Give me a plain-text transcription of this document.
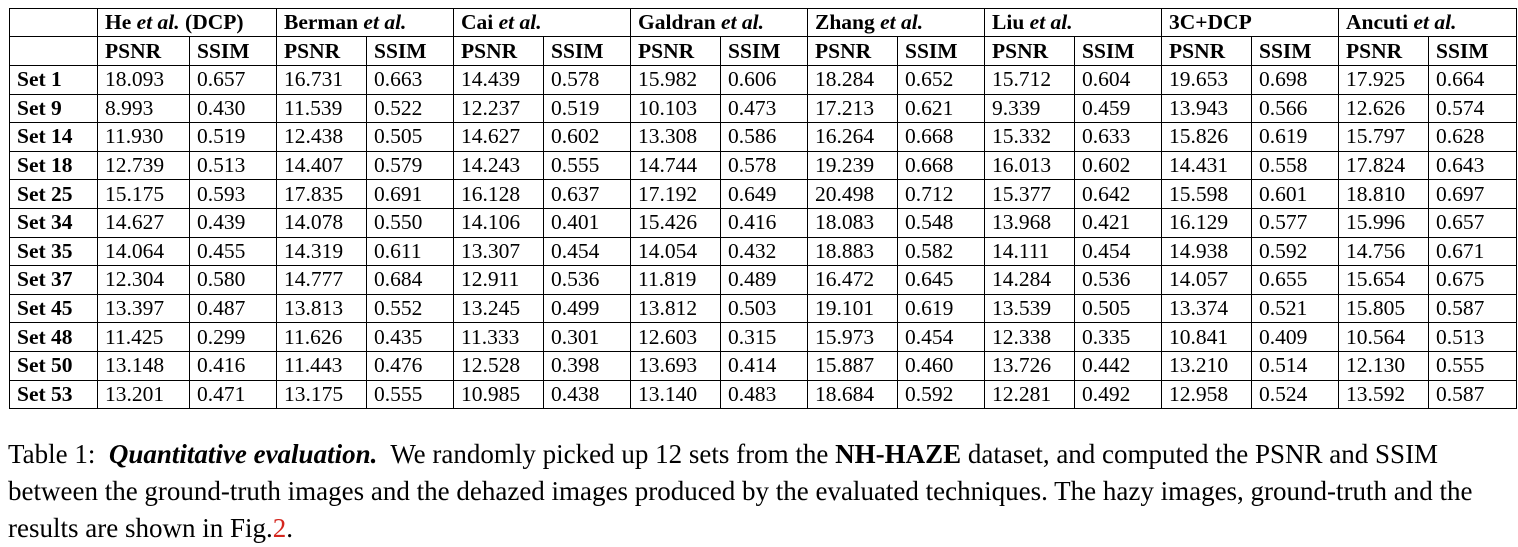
	He et al. (DCP)		Berman et al.		Cai et al.		Galdran et al.		Zhang et al.		Liu et al.		3C+DCP		Ancuti et al.	
	PSNR	SSIM	PSNR	SSIM	PSNR	SSIM	PSNR	SSIM	PSNR	SSIM	PSNR	SSIM	PSNR	SSIM	PSNR	SSIM
Set 1	18.093	0.657	16.731	0.663	14.439	0.578	15.982	0.606	18.284	0.652	15.712	0.604	19.653	0.698	17.925	0.664
Set 9	8.993	0.430	11.539	0.522	12.237	0.519	10.103	0.473	17.213	0.621	9.339	0.459	13.943	0.566	12.626	0.574
Set 14	11.930	0.519	12.438	0.505	14.627	0.602	13.308	0.586	16.264	0.668	15.332	0.633	15.826	0.619	15.797	0.628
Set 18	12.739	0.513	14.407	0.579	14.243	0.555	14.744	0.578	19.239	0.668	16.013	0.602	14.431	0.558	17.824	0.643
Set 25	15.175	0.593	17.835	0.691	16.128	0.637	17.192	0.649	20.498	0.712	15.377	0.642	15.598	0.601	18.810	0.697
Set 34	14.627	0.439	14.078	0.550	14.106	0.401	15.426	0.416	18.083	0.548	13.968	0.421	16.129	0.577	15.996	0.657
Set 35	14.064	0.455	14.319	0.611	13.307	0.454	14.054	0.432	18.883	0.582	14.111	0.454	14.938	0.592	14.756	0.671
Set 37	12.304	0.580	14.777	0.684	12.911	0.536	11.819	0.489	16.472	0.645	14.284	0.536	14.057	0.655	15.654	0.675
Set 45	13.397	0.487	13.813	0.552	13.245	0.499	13.812	0.503	19.101	0.619	13.539	0.505	13.374	0.521	15.805	0.587
Set 48	11.425	0.299	11.626	0.435	11.333	0.301	12.603	0.315	15.973	0.454	12.338	0.335	10.841	0.409	10.564	0.513
Set 50	13.148	0.416	11.443	0.476	12.528	0.398	13.693	0.414	15.887	0.460	13.726	0.442	13.210	0.514	12.130	0.555
Set 53	13.201	0.471	13.175	0.555	10.985	0.438	13.140	0.483	18.684	0.592	12.281	0.492	12.958	0.524	13.592	0.587
Table 1: Quantitative evaluation. We randomly picked up 12 sets from the NH-HAZE dataset, and computed the PSNR and SSIM between the ground-truth images and the dehazed images produced by the evaluated techniques. The hazy images, ground-truth and the results are shown in Fig.2.
